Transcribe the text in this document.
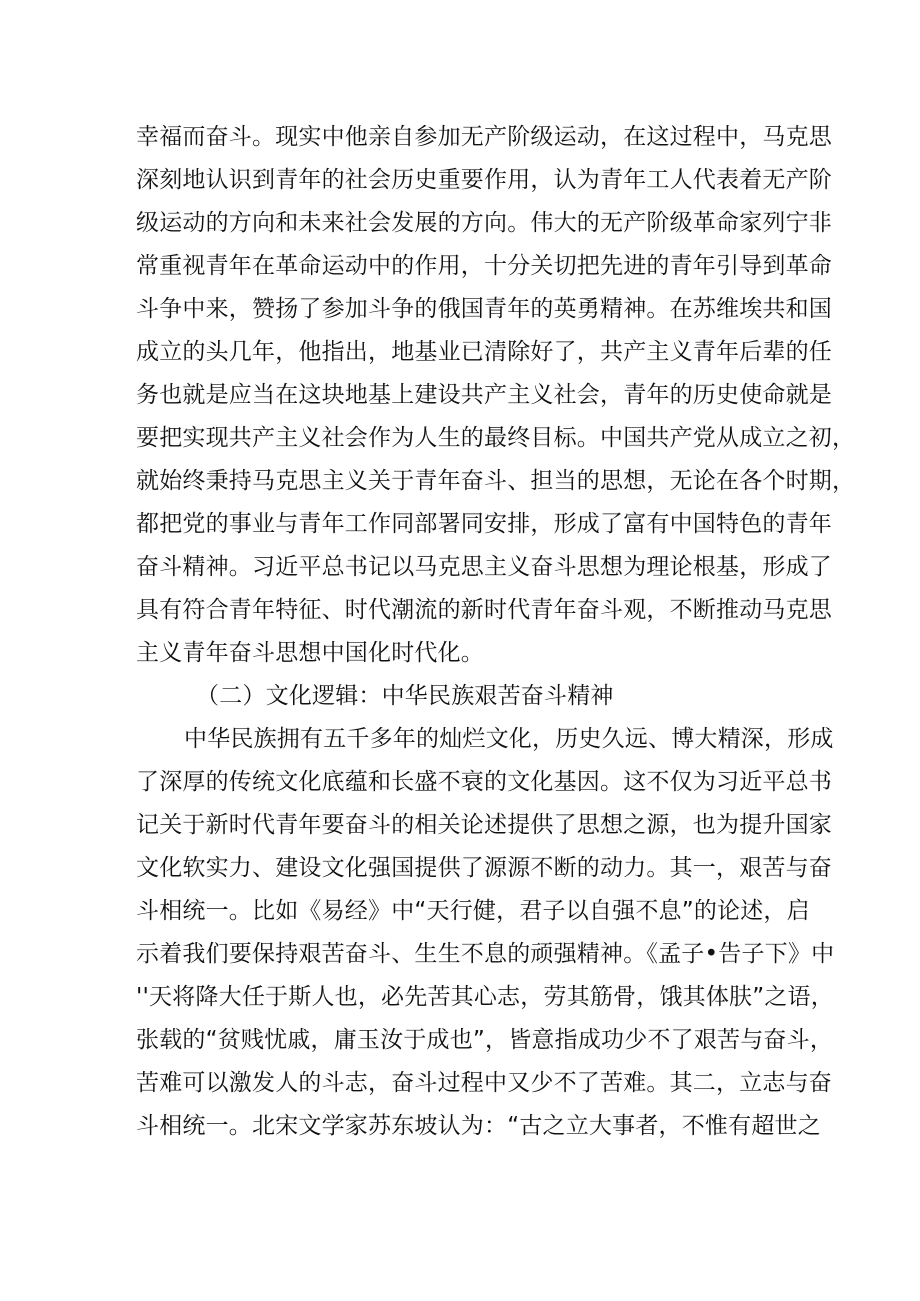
幸福而奋斗。现实中他亲自参加无产阶级运动，在这过程中，马克思
深刻地认识到青年的社会历史重要作用，认为青年工人代表着无产阶
级运动的方向和未来社会发展的方向。伟大的无产阶级革命家列宁非
常重视青年在革命运动中的作用，十分关切把先进的青年引导到革命
斗争中来，赞扬了参加斗争的俄国青年的英勇精神。在苏维埃共和国
成立的头几年，他指出，地基业已清除好了，共产主义青年后辈的任
务也就是应当在这块地基上建设共产主义社会，青年的历史使命就是
要把实现共产主义社会作为人生的最终目标。中国共产党从成立之初，
就始终秉持马克思主义关于青年奋斗、担当的思想，无论在各个时期，
都把党的事业与青年工作同部署同安排，形成了富有中国特色的青年
奋斗精神。习近平总书记以马克思主义奋斗思想为理论根基，形成了
具有符合青年特征、时代潮流的新时代青年奋斗观，不断推动马克思
主义青年奋斗思想中国化时代化。
（二）文化逻辑：中华民族艰苦奋斗精神
中华民族拥有五千多年的灿烂文化，历史久远、博大精深，形成
了深厚的传统文化底蕴和长盛不衰的文化基因。这不仅为习近平总书
记关于新时代青年要奋斗的相关论述提供了思想之源，也为提升国家
文化软实力、建设文化强国提供了源源不断的动力。其一，艰苦与奋
斗相统一。比如《易经》中“天行健，君子以自强不息”的论述，启
示着我们要保持艰苦奋斗、生生不息的顽强精神。《孟子•告子下》中
''天将降大任于斯人也，必先苦其心志，劳其筋骨，饿其体肤”之语，
张载的“贫贱忧戚，庸玉汝于成也”，皆意指成功少不了艰苦与奋斗，
苦难可以激发人的斗志，奋斗过程中又少不了苦难。其二，立志与奋
斗相统一。北宋文学家苏东坡认为：“古之立大事者，不惟有超世之
